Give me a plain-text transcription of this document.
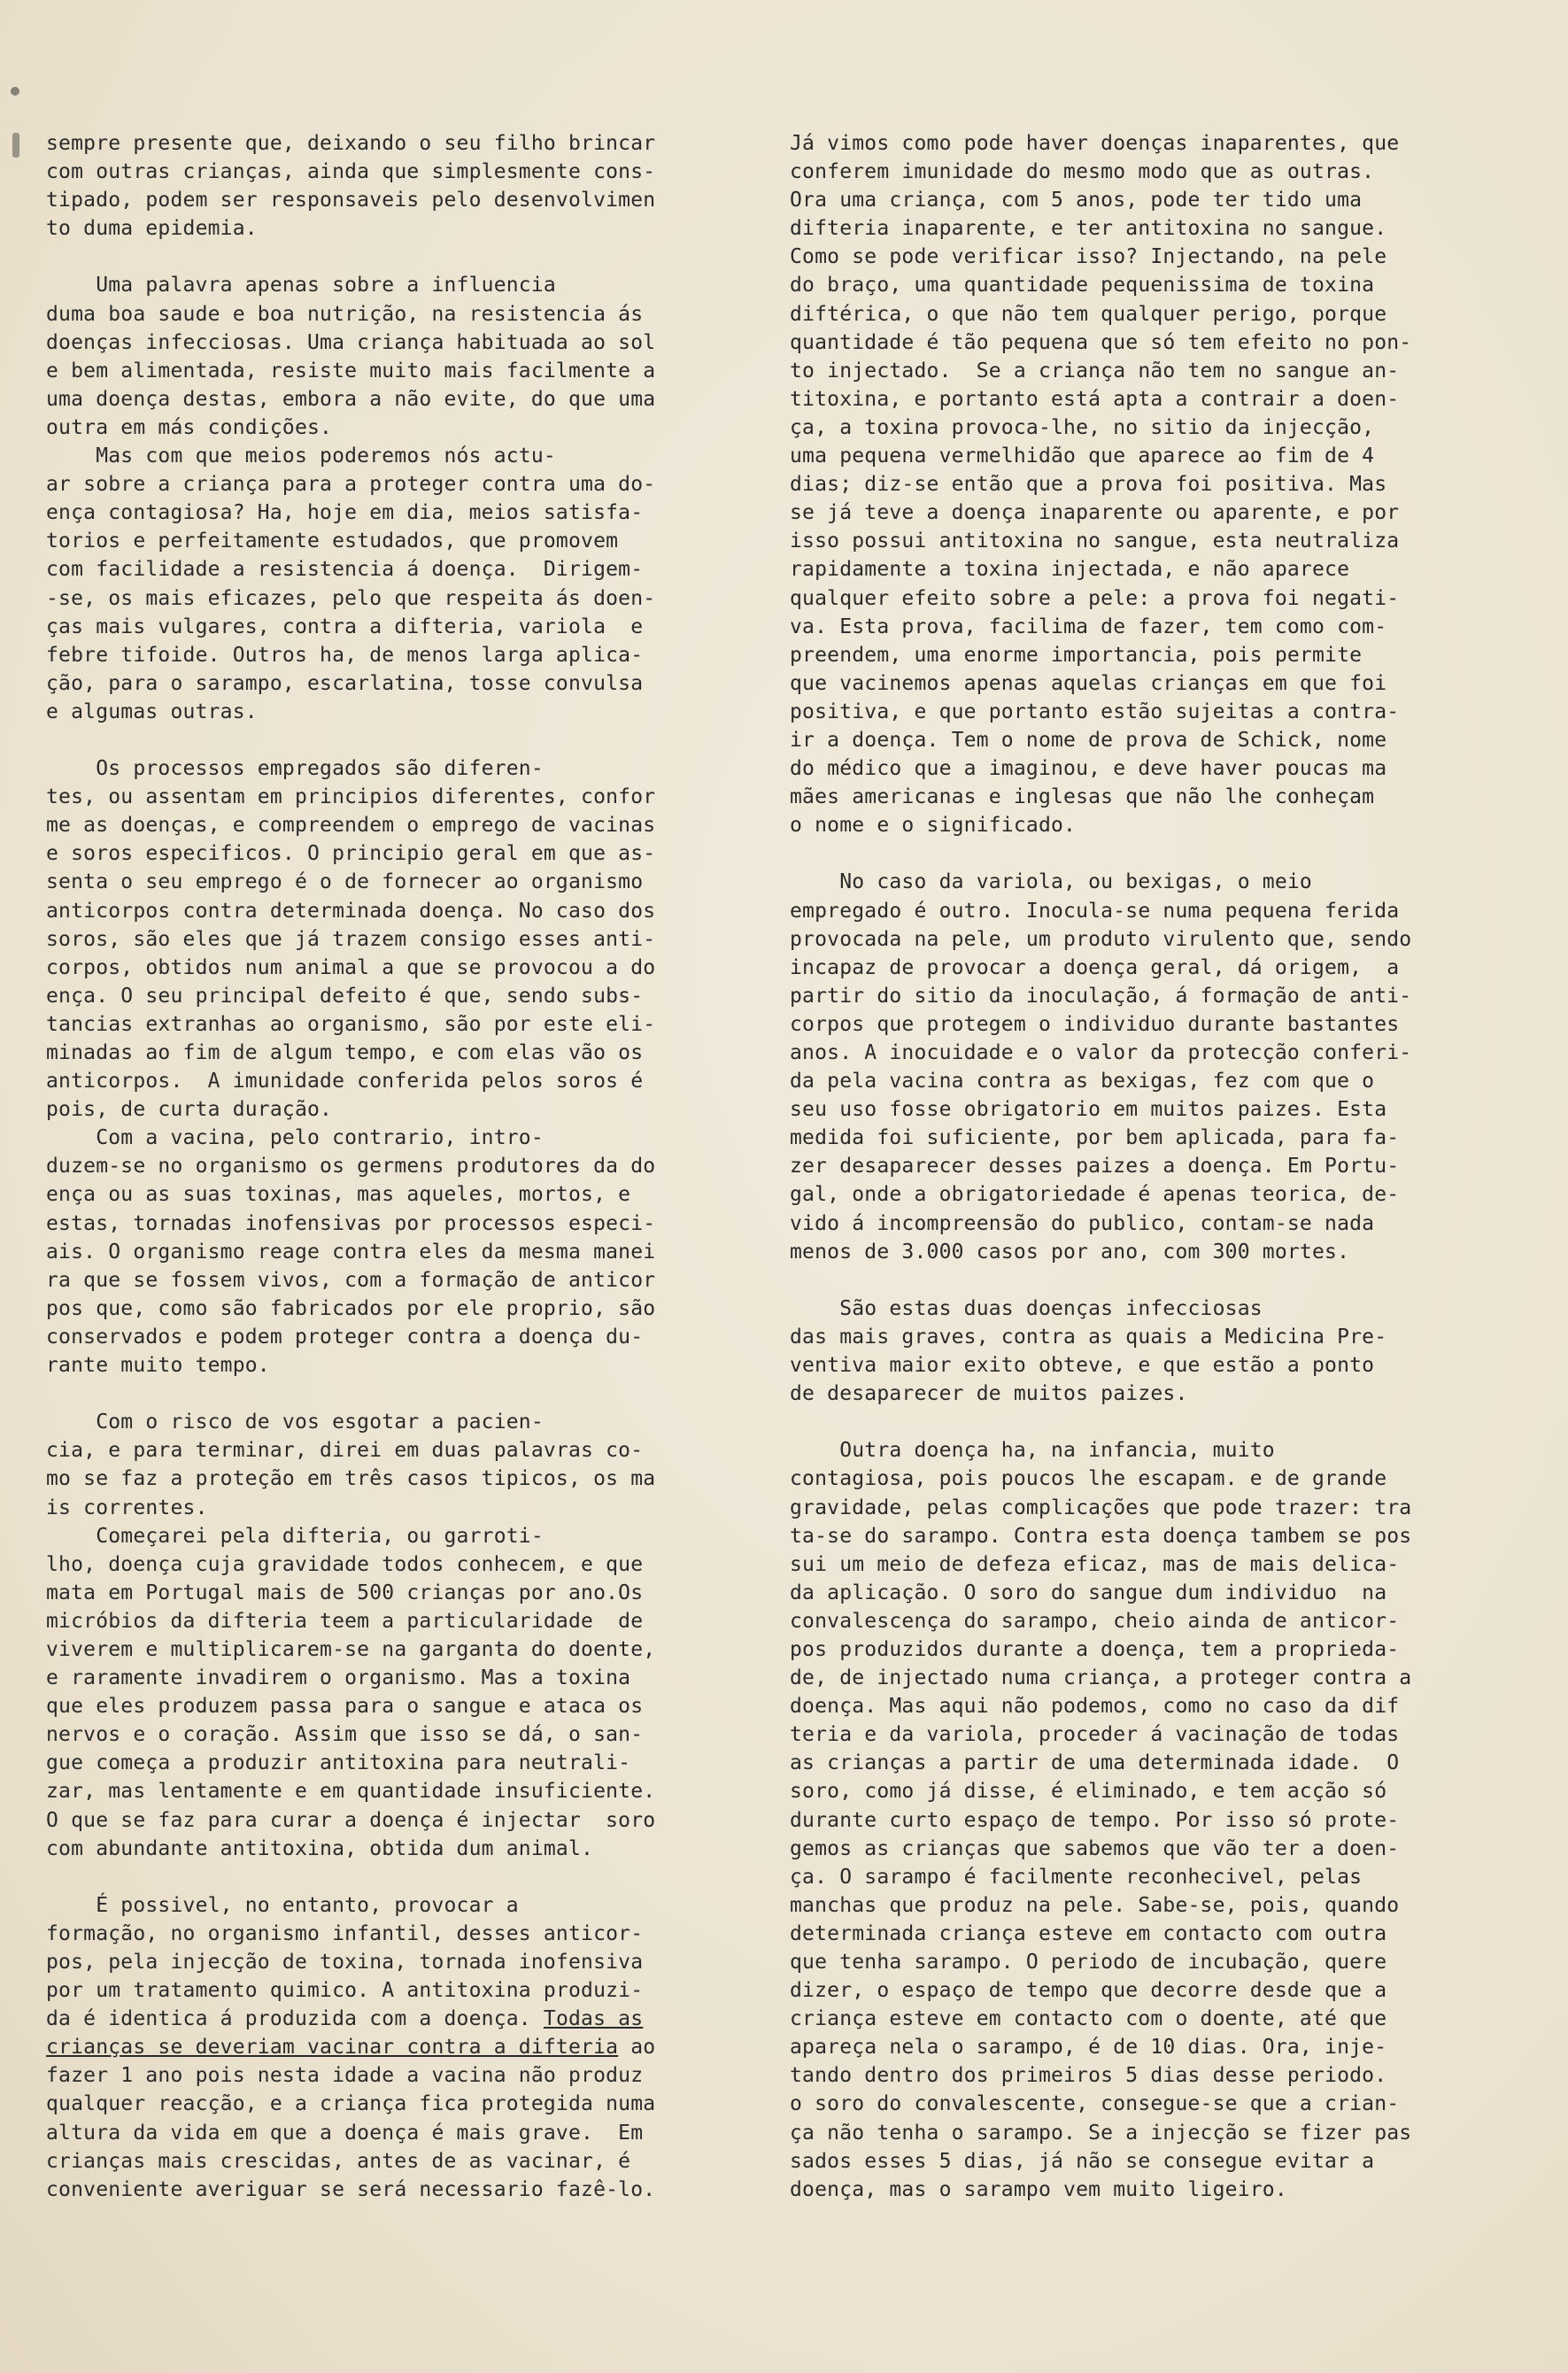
sempre presente que, deixando o seu filho brincar
com outras crianças, ainda que simplesmente cons-
tipado, podem ser responsaveis pelo desenvolvimen
to duma epidemia.
Uma palavra apenas sobre a influencia
duma boa saude e boa nutrição, na resistencia ás
doenças infecciosas. Uma criança habituada ao sol
e bem alimentada, resiste muito mais facilmente a
uma doença destas, embora a não evite, do que uma
outra em más condições.
Mas com que meios poderemos nós actu-
ar sobre a criança para a proteger contra uma do-
ença contagiosa? Ha, hoje em dia, meios satisfa-
torios e perfeitamente estudados, que promovem
com facilidade a resistencia á doença.  Dirigem-
-se, os mais eficazes, pelo que respeita ás doen-
ças mais vulgares, contra a difteria, variola  e
febre tifoide. Outros ha, de menos larga aplica-
ção, para o sarampo, escarlatina, tosse convulsa
e algumas outras.
Os processos empregados são diferen-
tes, ou assentam em principios diferentes, confor
me as doenças, e compreendem o emprego de vacinas
e soros especificos. O principio geral em que as-
senta o seu emprego é o de fornecer ao organismo
anticorpos contra determinada doença. No caso dos
soros, são eles que já trazem consigo esses anti-
corpos, obtidos num animal a que se provocou a do
ença. O seu principal defeito é que, sendo subs-
tancias extranhas ao organismo, são por este eli-
minadas ao fim de algum tempo, e com elas vão os
anticorpos.  A imunidade conferida pelos soros é
pois, de curta duração.
Com a vacina, pelo contrario, intro-
duzem-se no organismo os germens produtores da do
ença ou as suas toxinas, mas aqueles, mortos, e
estas, tornadas inofensivas por processos especi-
ais. O organismo reage contra eles da mesma manei
ra que se fossem vivos, com a formação de anticor
pos que, como são fabricados por ele proprio, são
conservados e podem proteger contra a doença du-
rante muito tempo.
Com o risco de vos esgotar a pacien-
cia, e para terminar, direi em duas palavras co-
mo se faz a proteção em três casos tipicos, os ma
is correntes.
Começarei pela difteria, ou garroti-
lho, doença cuja gravidade todos conhecem, e que
mata em Portugal mais de 500 crianças por ano.Os
micróbios da difteria teem a particularidade  de
viverem e multiplicarem-se na garganta do doente,
e raramente invadirem o organismo. Mas a toxina
que eles produzem passa para o sangue e ataca os
nervos e o coração. Assim que isso se dá, o san-
gue começa a produzir antitoxina para neutrali-
zar, mas lentamente e em quantidade insuficiente.
O que se faz para curar a doença é injectar  soro
com abundante antitoxina, obtida dum animal.
É possivel, no entanto, provocar a
formação, no organismo infantil, desses anticor-
pos, pela injecção de toxina, tornada inofensiva
por um tratamento quimico. A antitoxina produzi-
da é identica á produzida com a doença. Todas as
crianças se deveriam vacinar contra a difteria ao
fazer 1 ano pois nesta idade a vacina não produz
qualquer reacção, e a criança fica protegida numa
altura da vida em que a doença é mais grave.  Em
crianças mais crescidas, antes de as vacinar, é
conveniente averiguar se será necessario fazê-lo.
Já vimos como pode haver doenças inaparentes, que
conferem imunidade do mesmo modo que as outras.
Ora uma criança, com 5 anos, pode ter tido uma
difteria inaparente, e ter antitoxina no sangue.
Como se pode verificar isso? Injectando, na pele
do braço, uma quantidade pequenissima de toxina
diftérica, o que não tem qualquer perigo, porque
quantidade é tão pequena que só tem efeito no pon-
to injectado.  Se a criança não tem no sangue an-
titoxina, e portanto está apta a contrair a doen-
ça, a toxina provoca-lhe, no sitio da injecção,
uma pequena vermelhidão que aparece ao fim de 4
dias; diz-se então que a prova foi positiva. Mas
se já teve a doença inaparente ou aparente, e por
isso possui antitoxina no sangue, esta neutraliza
rapidamente a toxina injectada, e não aparece
qualquer efeito sobre a pele: a prova foi negati-
va. Esta prova, facilima de fazer, tem como com-
preendem, uma enorme importancia, pois permite
que vacinemos apenas aquelas crianças em que foi
positiva, e que portanto estão sujeitas a contra-
ir a doença. Tem o nome de prova de Schick, nome
do médico que a imaginou, e deve haver poucas ma
mães americanas e inglesas que não lhe conheçam
o nome e o significado.
No caso da variola, ou bexigas, o meio
empregado é outro. Inocula-se numa pequena ferida
provocada na pele, um produto virulento que, sendo
incapaz de provocar a doença geral, dá origem,  a
partir do sitio da inoculação, á formação de anti-
corpos que protegem o individuo durante bastantes
anos. A inocuidade e o valor da protecção conferi-
da pela vacina contra as bexigas, fez com que o
seu uso fosse obrigatorio em muitos paizes. Esta
medida foi suficiente, por bem aplicada, para fa-
zer desaparecer desses paizes a doença. Em Portu-
gal, onde a obrigatoriedade é apenas teorica, de-
vido á incompreensão do publico, contam-se nada
menos de 3.000 casos por ano, com 300 mortes.
São estas duas doenças infecciosas
das mais graves, contra as quais a Medicina Pre-
ventiva maior exito obteve, e que estão a ponto
de desaparecer de muitos paizes.
Outra doença ha, na infancia, muito
contagiosa, pois poucos lhe escapam. e de grande
gravidade, pelas complicações que pode trazer: tra
ta-se do sarampo. Contra esta doença tambem se pos
sui um meio de defeza eficaz, mas de mais delica-
da aplicação. O soro do sangue dum individuo  na
convalescença do sarampo, cheio ainda de anticor-
pos produzidos durante a doença, tem a proprieda-
de, de injectado numa criança, a proteger contra a
doença. Mas aqui não podemos, como no caso da dif
teria e da variola, proceder á vacinação de todas
as crianças a partir de uma determinada idade.  O
soro, como já disse, é eliminado, e tem acção só
durante curto espaço de tempo. Por isso só prote-
gemos as crianças que sabemos que vão ter a doen-
ça. O sarampo é facilmente reconhecivel, pelas
manchas que produz na pele. Sabe-se, pois, quando
determinada criança esteve em contacto com outra
que tenha sarampo. O periodo de incubação, quere
dizer, o espaço de tempo que decorre desde que a
criança esteve em contacto com o doente, até que
apareça nela o sarampo, é de 10 dias. Ora, inje-
tando dentro dos primeiros 5 dias desse periodo.
o soro do convalescente, consegue-se que a crian-
ça não tenha o sarampo. Se a injecção se fizer pas
sados esses 5 dias, já não se consegue evitar a
doença, mas o sarampo vem muito ligeiro.
